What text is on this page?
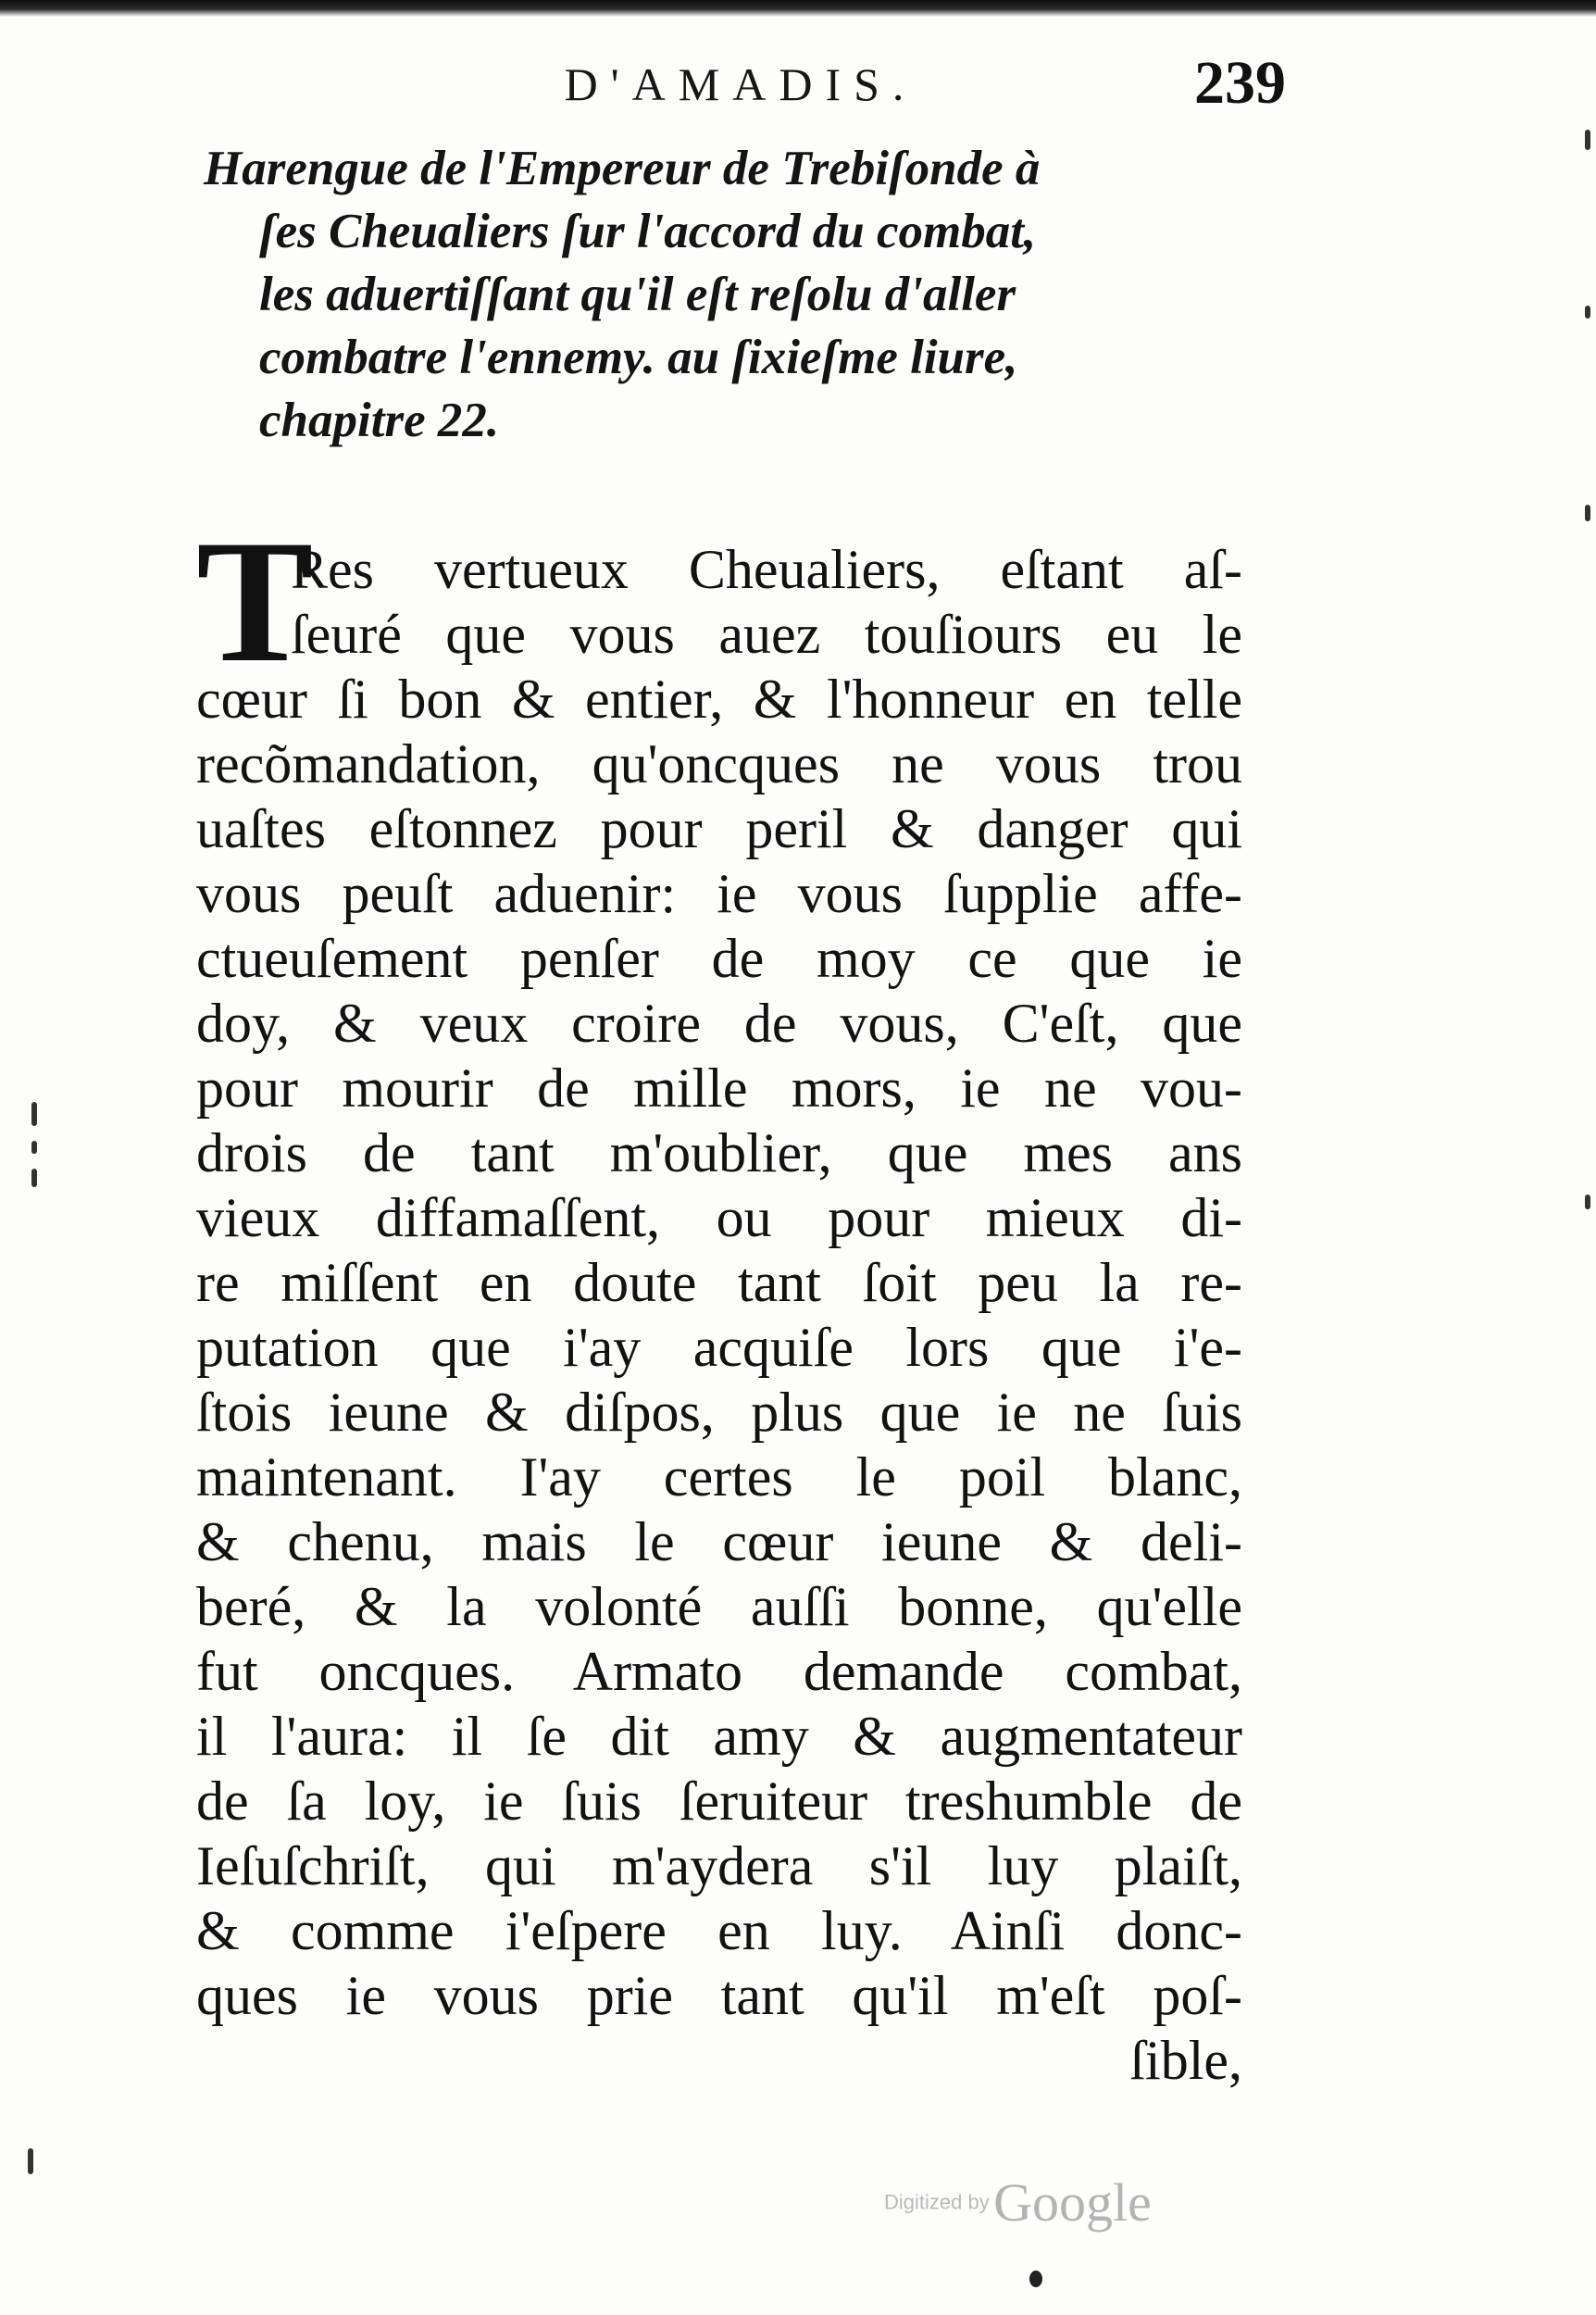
D'AMADIS.	239
Harengue de l'Empereur de Trebiſonde à
ſes Cheualiers ſur l'accord du combat,
les aduertiſſant qu'il eſt reſolu d'aller
combatre l'ennemy. au ſixieſme liure,
chapitre 22.
T
Res vertueux Cheualiers, eſtant aſ-
ſeuré que vous auez touſiours eu le
cœur ſi bon & entier, & l'honneur en telle
recõmandation, qu'oncques ne vous trou
uaſtes eſtonnez pour peril & danger qui
vous peuſt aduenir: ie vous ſupplie affe-
ctueuſement penſer de moy ce que ie
doy, & veux croire de vous, C'eſt, que
pour mourir de mille mors, ie ne vou-
drois de tant m'oublier, que mes ans
vieux diffamaſſent, ou pour mieux di-
re miſſent en doute tant ſoit peu la re-
putation que i'ay acquiſe lors que i'e-
ſtois ieune & diſpos, plus que ie ne ſuis
maintenant. I'ay certes le poil blanc,
& chenu, mais le cœur ieune & deli-
beré, & la volonté auſſi bonne, qu'elle
fut oncques. Armato demande combat,
il l'aura: il ſe dit amy & augmentateur
de ſa loy, ie ſuis ſeruiteur treshumble de
Ieſuſchriſt, qui m'aydera s'il luy plaiſt,
& comme i'eſpere en luy. Ainſi donc-
ques ie vous prie tant qu'il m'eſt poſ-
ſible,
Digitized by Google
